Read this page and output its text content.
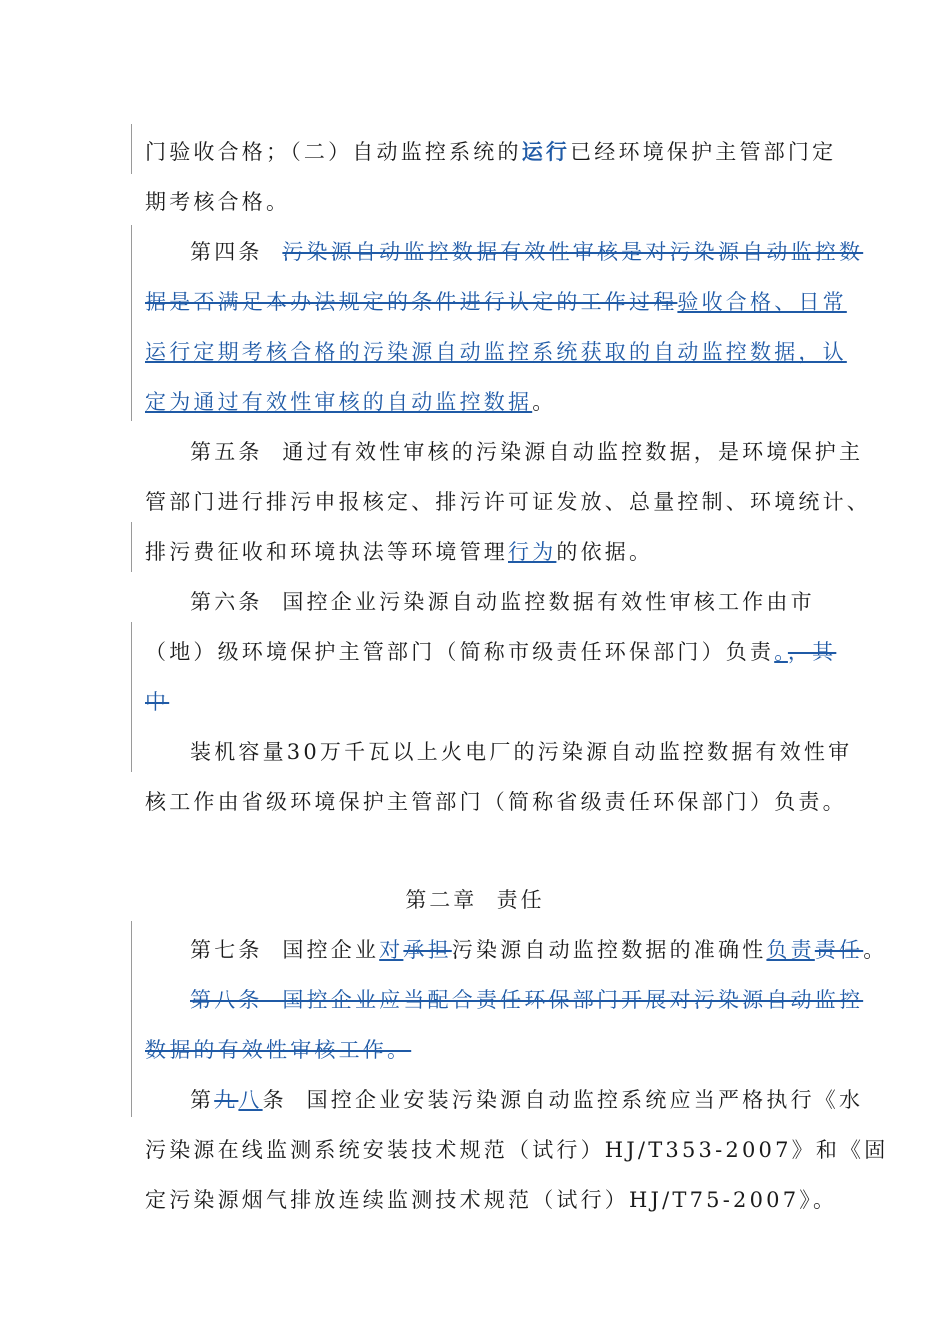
门验收合格；（二）自动监控系统的运行已经环境保护主管部门定
期考核合格。
第四条 污染源自动监控数据有效性审核是对污染源自动监控数
据是否满足本办法规定的条件进行认定的工作过程验收合格、日常
运行定期考核合格的污染源自动监控系统获取的自动监控数据，认
定为通过有效性审核的自动监控数据。
第五条 通过有效性审核的污染源自动监控数据，是环境保护主
管部门进行排污申报核定、排污许可证发放、总量控制、环境统计、
排污费征收和环境执法等环境管理行为的依据。
第六条 国控企业污染源自动监控数据有效性审核工作由市
（地）级环境保护主管部门（简称市级责任环保部门）负责。，其
中
装机容量30万千瓦以上火电厂的污染源自动监控数据有效性审
核工作由省级环境保护主管部门（简称省级责任环保部门）负责。
第二章  责任
第七条 国控企业对承担污染源自动监控数据的准确性负责责任。
第八条  国控企业应当配合责任环保部门开展对污染源自动监控
数据的有效性审核工作。
第九八条 国控企业安装污染源自动监控系统应当严格执行《水
污染源在线监测系统安装技术规范（试行）HJ/T353-2007》和《固
定污染源烟气排放连续监测技术规范（试行）HJ/T75-2007》。
